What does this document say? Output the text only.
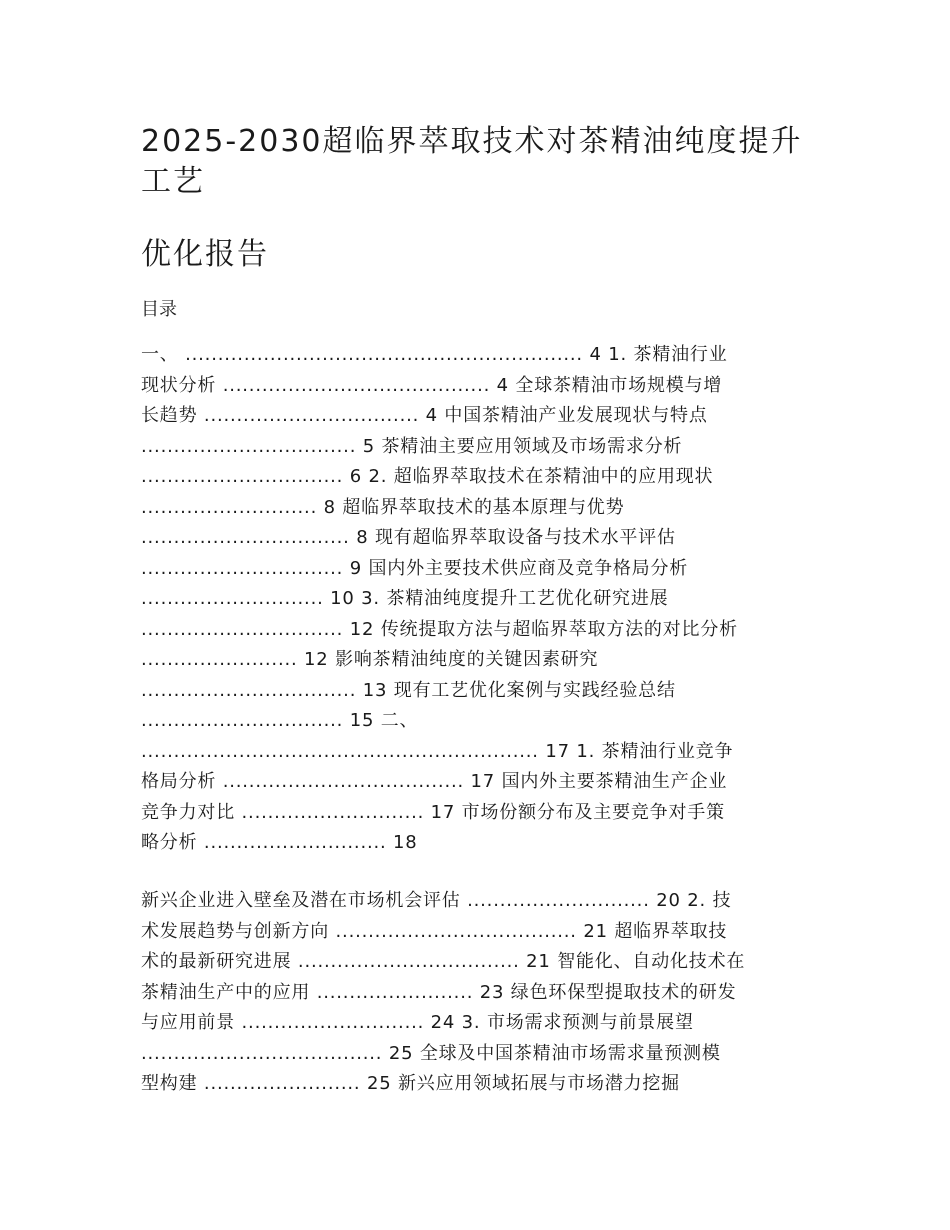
2025-2030超临界萃取技术对茶精油纯度提升
工艺
优化报告

目录

一、 ............................................................. 4 1. 茶精油行业
现状分析 ......................................... 4 全球茶精油市场规模与增
长趋势 ................................. 4 中国茶精油产业发展现状与特点
................................. 5 茶精油主要应用领域及市场需求分析
............................... 6 2. 超临界萃取技术在茶精油中的应用现状
........................... 8 超临界萃取技术的基本原理与优势
................................ 8 现有超临界萃取设备与技术水平评估
............................... 9 国内外主要技术供应商及竞争格局分析
............................ 10 3. 茶精油纯度提升工艺优化研究进展
............................... 12 传统提取方法与超临界萃取方法的对比分析
........................ 12 影响茶精油纯度的关键因素研究
................................. 13 现有工艺优化案例与实践经验总结
............................... 15 二、
............................................................. 17 1. 茶精油行业竞争
格局分析 ..................................... 17 国内外主要茶精油生产企业
竞争力对比 ............................ 17 市场份额分布及主要竞争对手策
略分析 ............................ 18
新兴企业进入壁垒及潜在市场机会评估 ............................ 20 2. 技
术发展趋势与创新方向 ..................................... 21 超临界萃取技
术的最新研究进展 .................................. 21 智能化、自动化技术在
茶精油生产中的应用 ........................ 23 绿色环保型提取技术的研发
与应用前景 ............................ 24 3. 市场需求预测与前景展望
..................................... 25 全球及中国茶精油市场需求量预测模
型构建 ........................ 25 新兴应用领域拓展与市场潜力挖掘
